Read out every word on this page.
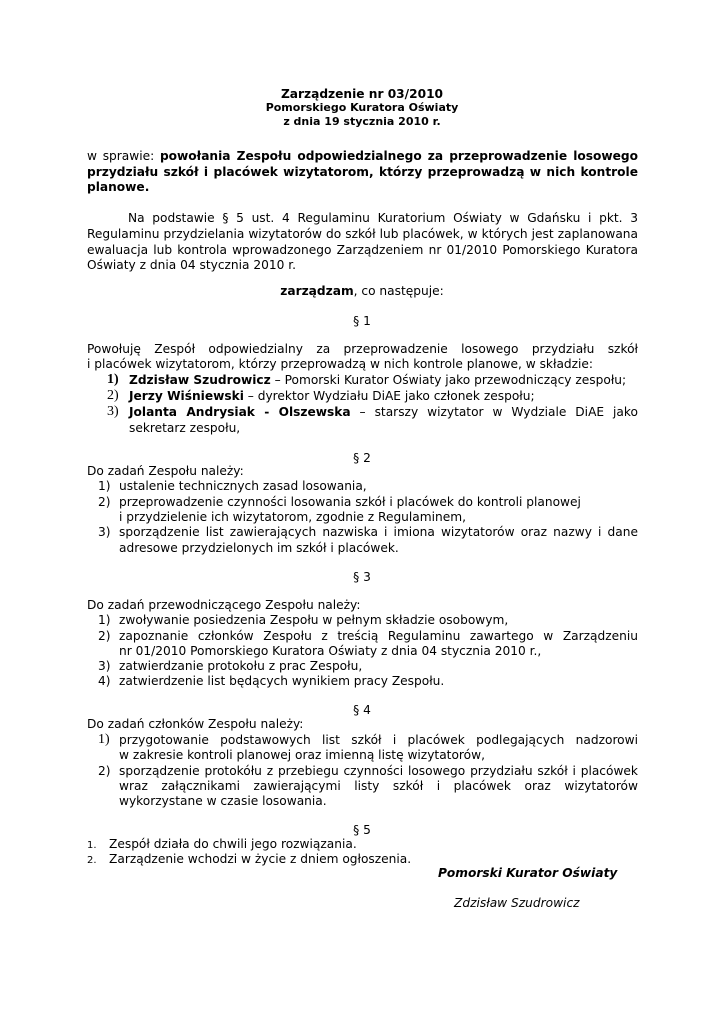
Zarządzenie nr 03/2010
Pomorskiego Kuratora Oświaty
z dnia 19 stycznia 2010 r.
w sprawie: powołania Zespołu odpowiedzialnego za przeprowadzenie losowego
przydziału szkół i placówek wizytatorom, którzy przeprowadzą w nich kontrole
planowe.
Na podstawie § 5 ust. 4 Regulaminu Kuratorium Oświaty w Gdańsku i pkt. 3
Regulaminu przydzielania wizytatorów do szkół lub placówek, w których jest zaplanowana
ewaluacja lub kontrola wprowadzonego Zarządzeniem nr 01/2010 Pomorskiego Kuratora
Oświaty z dnia 04 stycznia 2010 r.
zarządzam, co następuje:
§ 1
Powołuję Zespół odpowiedzialny za przeprowadzenie losowego przydziału szkół
i placówek wizytatorom, którzy przeprowadzą w nich kontrole planowe, w składzie:
1) Zdzisław Szudrowicz – Pomorski Kurator Oświaty jako przewodniczący zespołu;
2) Jerzy Wiśniewski – dyrektor Wydziału DiAE jako członek zespołu;
3) Jolanta Andrysiak - Olszewska – starszy wizytator w Wydziale DiAE jako
sekretarz zespołu,
§ 2
Do zadań Zespołu należy:
1) ustalenie technicznych zasad losowania,
2) przeprowadzenie czynności losowania szkół i placówek do kontroli planowej
i przydzielenie ich wizytatorom, zgodnie z Regulaminem,
3) sporządzenie list zawierających nazwiska i imiona wizytatorów oraz nazwy i dane
adresowe przydzielonych im szkół i placówek.
§ 3
Do zadań przewodniczącego Zespołu należy:
1) zwoływanie posiedzenia Zespołu w pełnym składzie osobowym,
2) zapoznanie członków Zespołu z treścią Regulaminu zawartego w Zarządzeniu
nr 01/2010 Pomorskiego Kuratora Oświaty z dnia 04 stycznia 2010 r.,
3) zatwierdzanie protokołu z prac Zespołu,
4) zatwierdzenie list będących wynikiem pracy Zespołu.
§ 4
Do zadań członków Zespołu należy:
1) przygotowanie podstawowych list szkół i placówek podlegających nadzorowi
w zakresie kontroli planowej oraz imienną listę wizytatorów,
2) sporządzenie protokółu z przebiegu czynności losowego przydziału szkół i placówek
wraz załącznikami zawierającymi listy szkół i placówek oraz wizytatorów
wykorzystane w czasie losowania.
§ 5
1. Zespół działa do chwili jego rozwiązania.
2. Zarządzenie wchodzi w życie z dniem ogłoszenia.
Pomorski Kurator Oświaty
Zdzisław Szudrowicz
